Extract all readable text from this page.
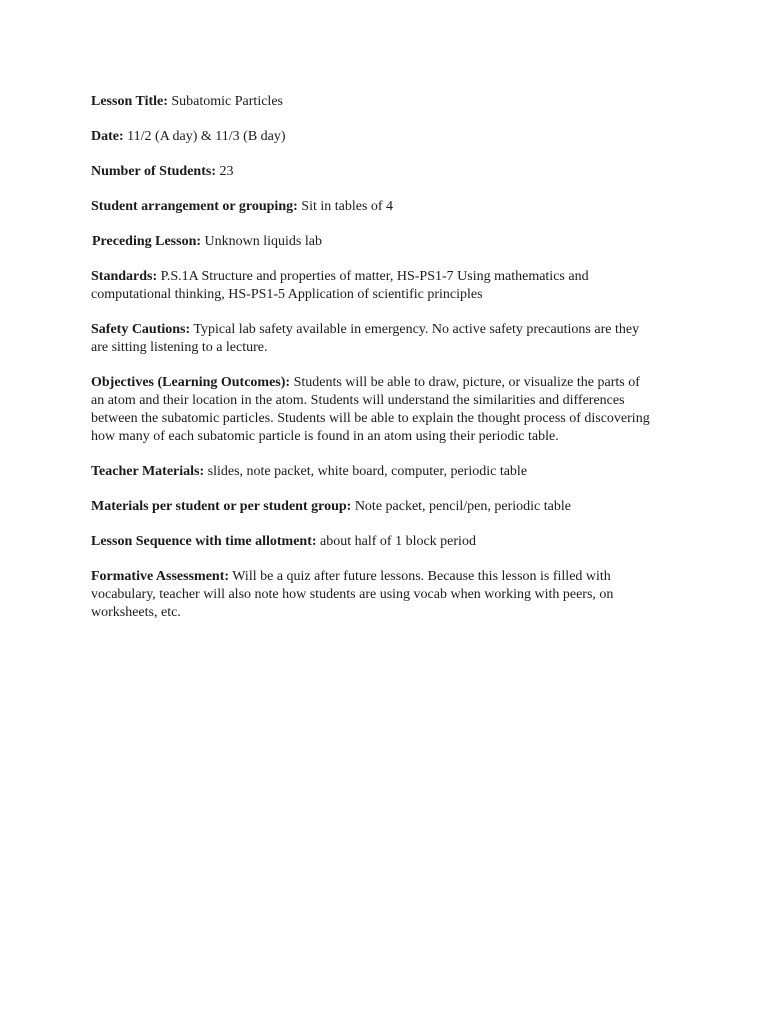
Lesson Title: Subatomic Particles

Date: 11/2 (A day) & 11/3 (B day)

Number of Students: 23

Student arrangement or grouping: Sit in tables of 4

Preceding Lesson: Unknown liquids lab

Standards: P.S.1A Structure and properties of matter, HS-PS1-7 Using mathematics and computational thinking, HS-PS1-5 Application of scientific principles

Safety Cautions: Typical lab safety available in emergency. No active safety precautions are they are sitting listening to a lecture.

Objectives (Learning Outcomes): Students will be able to draw, picture, or visualize the parts of an atom and their location in the atom. Students will understand the similarities and differences between the subatomic particles. Students will be able to explain the thought process of discovering how many of each subatomic particle is found in an atom using their periodic table.

Teacher Materials: slides, note packet, white board, computer, periodic table

Materials per student or per student group: Note packet, pencil/pen, periodic table

Lesson Sequence with time allotment: about half of 1 block period

Formative Assessment: Will be a quiz after future lessons. Because this lesson is filled with vocabulary, teacher will also note how students are using vocab when working with peers, on worksheets, etc.
